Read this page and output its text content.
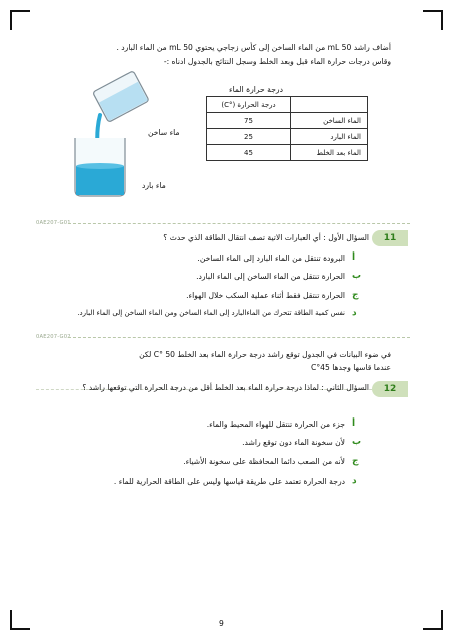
أضاف راشد 50 mL من الماء الساخن إلى كأس زجاجي يحتوي 50 mL من الماء البارد .
وقاس درجات حرارة الماء قبل وبعد الخلط وسجل النتائج بالجدول ادناه :-
ماء ساخن
ماء بارد
درجة حرارة الماء
	درجة الحرارة (°C)
الماء الساخن	75
الماء البارد	25
الماء بعد الخلط	45
0AE207-G01
11
السؤال الأول : أي العبارات الاتية تصف انتقال الطاقة الذي حدث ؟
أ
البرودة تنتقل من الماء البارد إلى الماء الساخن.
ب
الحرارة تنتقل من الماء الساخن إلى الماء البارد.
ج
الحرارة تنتقل فقط أثناء عملية السكب خلال الهواء.
د
نفس كمية الطاقة تتحرك من الماءالبارد إلى الماء الساخن ومن الماء الساخن إلى الماء البارد.
0AE207-G02
في ضوء البيانات في الجدول توقع راشد درجة حرارة الماء بعد الخلط 50 °C لكن
عندما قاسها وجدها 45°C
12
السؤال الثاني : لماذا درجة حرارة الماء بعد الخلط أقل من درجة الحرارة التي توقعها راشد ؟
أ
جزء من الحرارة تنتقل للهواء المحيط والماء.
ب
لأن سخونة الماء دون توقع راشد.
ج
لأنه من الصعب دائما المحافظة على سخونة الأشياء.
د
درجة الحرارة تعتمد على طريقة قياسها وليس على الطاقة الحرارية للماء .
9
